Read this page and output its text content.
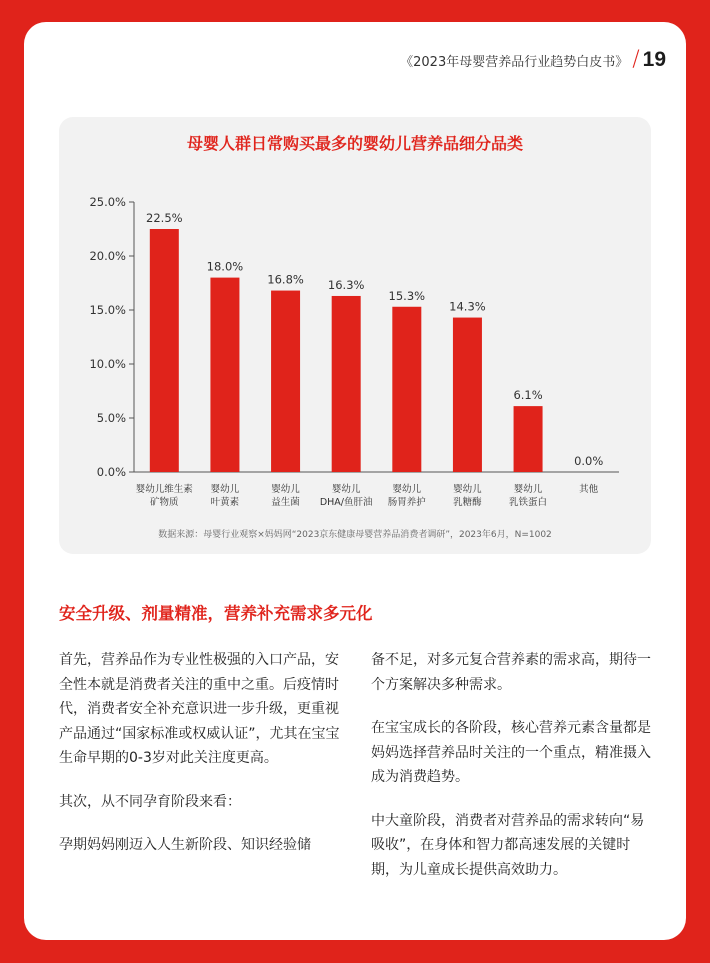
《2023年母婴营养品行业趋势白皮书》 / 19
0.0%
5.0%
10.0%
15.0%
20.0%
25.0%
22.5%
婴幼儿维生素
矿物质
18.0%
婴幼儿
叶黄素
16.8%
婴幼儿
益生菌
16.3%
婴幼儿
DHA/鱼肝油
15.3%
婴幼儿
肠胃养护
14.3%
婴幼儿
乳糖酶
6.1%
婴幼儿
乳铁蛋白
0.0%
其他
母婴人群日常购买最多的婴幼儿营养品细分品类
数据来源：母婴行业观察×妈妈网“2023京东健康母婴营养品消费者调研”，2023年6月，N=1002
安全升级、剂量精准，营养补充需求多元化

首先，营养品作为专业性极强的入口产品，安全性本就是消费者关注的重中之重。后疫情时代，消费者安全补充意识进一步升级，更重视产品通过“国家标准或权威认证”，尤其在宝宝生命早期的0-3岁对此关注度更高。

其次，从不同孕育阶段来看：

孕期妈妈刚迈入人生新阶段、知识经验储

备不足，对多元复合营养素的需求高，期待一个方案解决多种需求。

在宝宝成长的各阶段，核心营养元素含量都是妈妈选择营养品时关注的一个重点，精准摄入成为消费趋势。

中大童阶段，消费者对营养品的需求转向“易吸收”，在身体和智力都高速发展的关键时期，为儿童成长提供高效助力。
